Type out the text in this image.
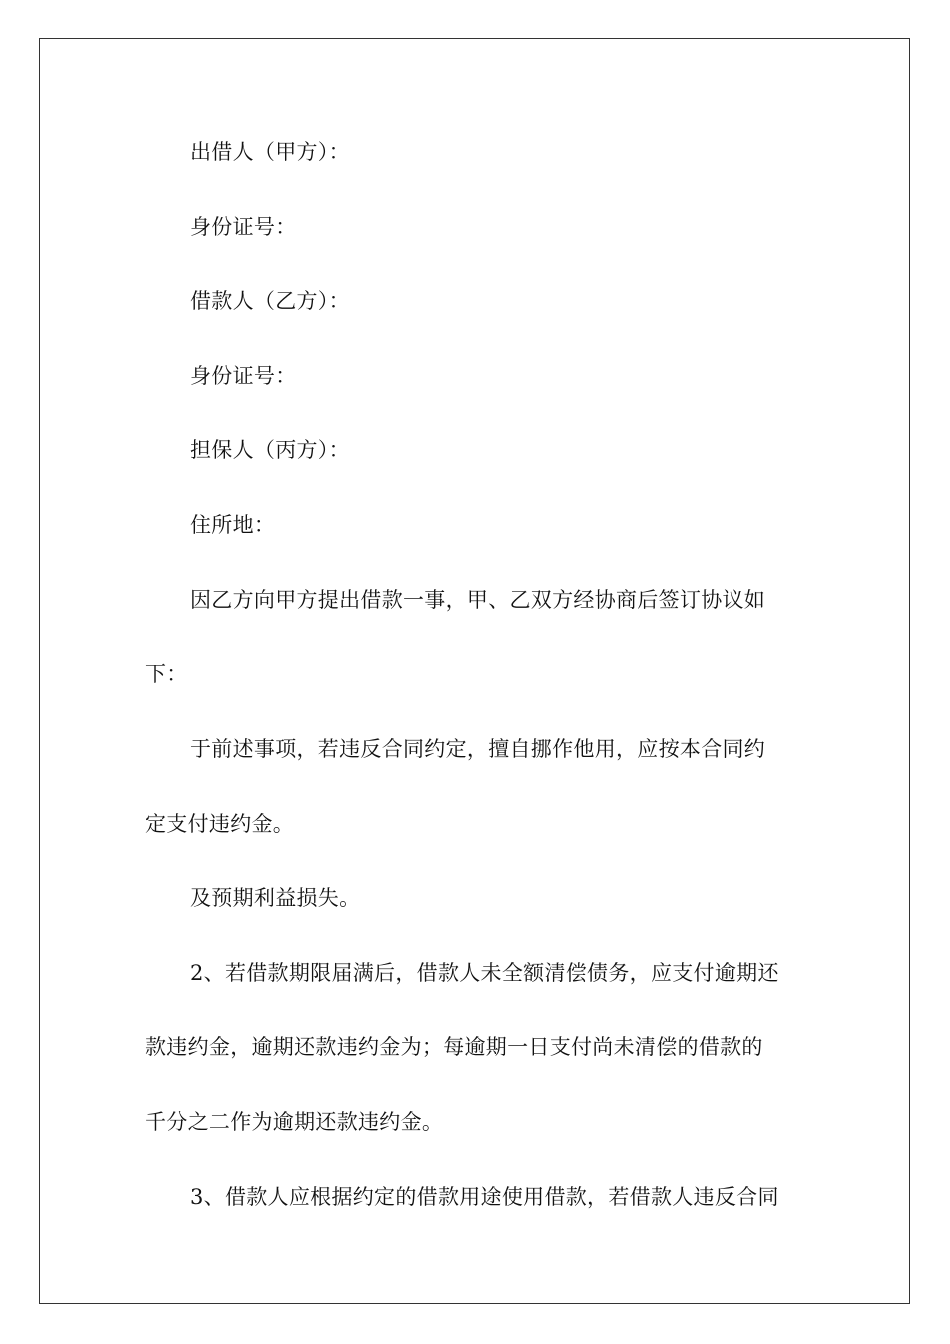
出借人（甲方）：
身份证号：
借款人（乙方）：
身份证号：
担保人（丙方）：
住所地：
因乙方向甲方提出借款一事，甲、乙双方经协商后签订协议如
下：
于前述事项，若违反合同约定，擅自挪作他用，应按本合同约
定支付违约金。
及预期利益损失。
2、若借款期限届满后，借款人未全额清偿债务，应支付逾期还
款违约金，逾期还款违约金为；每逾期一日支付尚未清偿的借款的
千分之二作为逾期还款违约金。
3、借款人应根据约定的借款用途使用借款，若借款人违反合同
